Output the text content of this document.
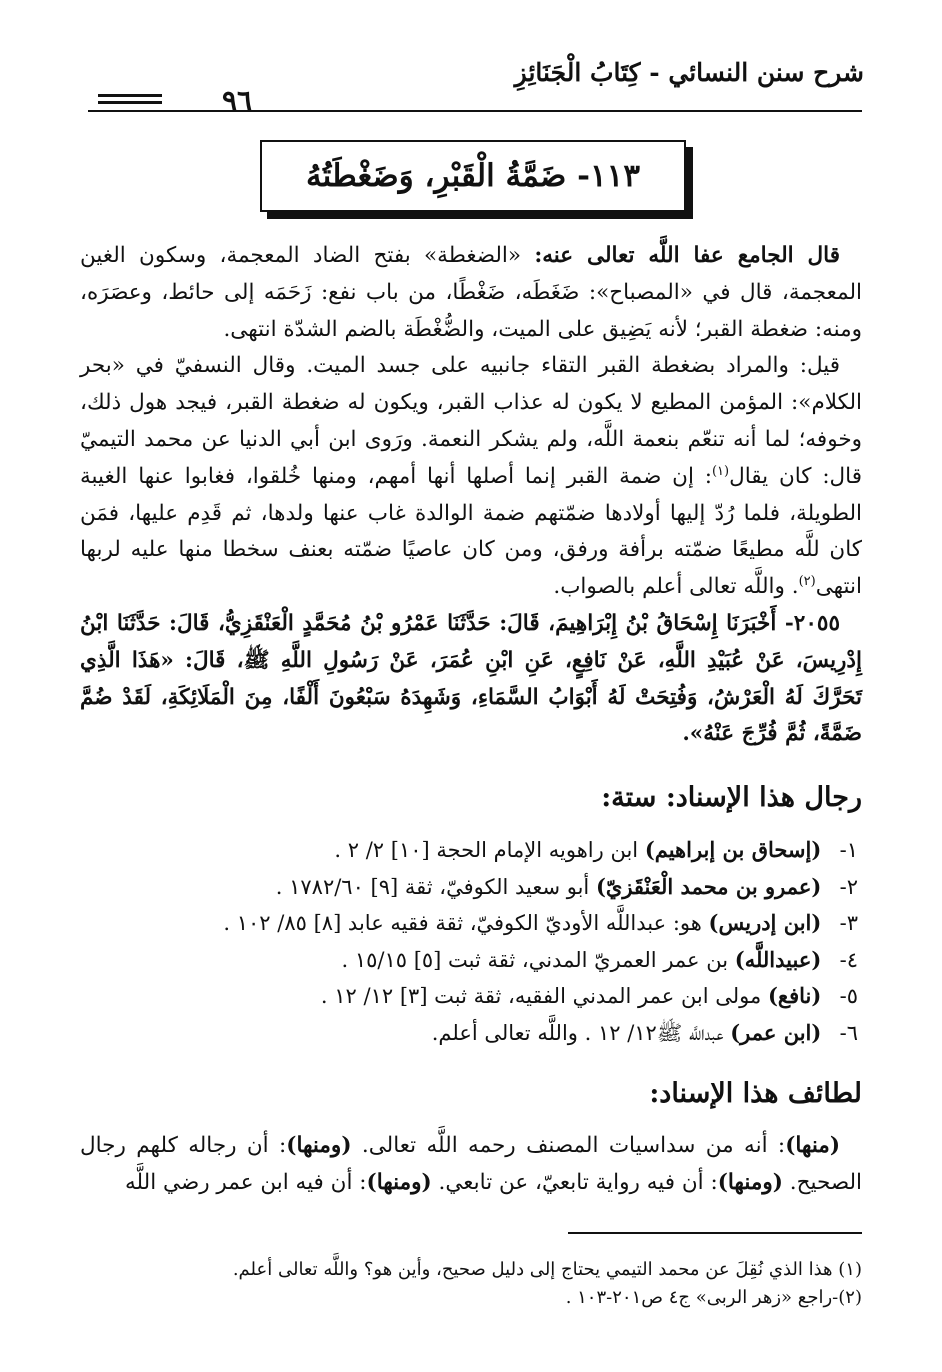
شرح سنن النسائي - كِتَابُ الْجَنَائِزِ
٩٦
١١٣- ضَمَّةُ الْقَبْرِ، وَضَغْطَتُهُ

قال الجامع عفا اللَّه تعالى عنه: «الضغطة» بفتح الضاد المعجمة، وسكون الغين المعجمة، قال في «المصباح»: ضَغَطَه، ضَغْطًا، من باب نفع: زَحَمَه إلى حائط، وعصَرَه، ومنه: ضغطة القبر؛ لأنه يَضِيق على الميت، والضُّغْطَة بالضم الشدّة انتهى.

قيل: والمراد بضغطة القبر التقاء جانبيه على جسد الميت. وقال النسفيّ في «بحر الكلام»: المؤمن المطيع لا يكون له عذاب القبر، ويكون له ضغطة القبر، فيجد هول ذلك، وخوفه؛ لما أنه تنعّم بنعمة اللَّه، ولم يشكر النعمة. ورَوى ابن أبي الدنيا عن محمد التيميّ قال: كان يقال$^{(١)}$: إن ضمة القبر إنما أصلها أنها أمهم، ومنها خُلقوا، فغابوا عنها الغيبة الطويلة، فلما رُدّ إليها أولادها ضمّتهم ضمة الوالدة غاب عنها ولدها، ثم قَدِم عليها، فمَن كان للَّه مطيعًا ضمّته برأفة ورفق، ومن كان عاصيًا ضمّته بعنف سخطا منها عليه لربها انتهى$^{(٢)}$. واللَّه تعالى أعلم بالصواب.

٢٠٥٥- أَخْبَرَنَا إِسْحَاقُ بْنُ إِبْرَاهِيمَ، قَالَ: حَدَّثَنَا عَمْرُو بْنُ مُحَمَّدٍ الْعَنْقَزِيُّ، قَالَ: حَدَّثَنَا ابْنُ إِدْرِيسَ، عَنْ عُبَيْدِ اللَّهِ، عَنْ نَافِعٍ، عَنِ ابْنِ عُمَرَ، عَنْ رَسُولِ اللَّهِ ﷺ، قَالَ: «هَذَا الَّذِي تَحَرَّكَ لَهُ الْعَرْشُ، وَفُتِحَتْ لَهُ أَبْوَابُ السَّمَاءِ، وَشَهِدَهُ سَبْعُونَ أَلْفًا، مِنَ الْمَلَائِكَةِ، لَقَدْ ضُمَّ ضَمَّةً، ثُمَّ فُرِّجَ عَنْهُ».

رجال هذا الإسناد: ستة:
١- (إسحاق بن إبراهيم) ابن راهويه الإمام الحجة [١٠] ٢/ ٢ .
٢- (عمرو بن محمد الْعَنْقَزيّ) أبو سعيد الكوفيّ، ثقة [٩] ١٧٨٢/٦٠ .
٣- (ابن إدريس) هو: عبداللَّه الأوديّ الكوفيّ، ثقة فقيه عابد [٨] ٨٥/ ١٠٢ .
٤- (عبيداللَّه) بن عمر العمريّ المدني، ثقة ثبت [٥] ١٥/١٥ .
٥- (نافع) مولى ابن عمر المدني الفقيه، ثقة ثبت [٣] ١٢/ ١٢ .
٦- (ابن عمر) عبداللَّه ﷺ١٢/ ١٢ . واللَّه تعالى أعلم.
لطائف هذا الإسناد:

(منها): أنه من سداسيات المصنف رحمه اللَّه تعالى. (ومنها): أن رجاله كلهم رجال الصحيح. (ومنها): أن فيه رواية تابعيّ، عن تابعي. (ومنها): أن فيه ابن عمر رضي اللَّه

(١) هذا الذي نُقِلَ عن محمد التيمي يحتاج إلى دليل صحيح، وأين هو؟ واللَّه تعالى أعلم.
(٢)-راجع «زهر الربى» ج٤ ص٢٠١-١٠٣ .
